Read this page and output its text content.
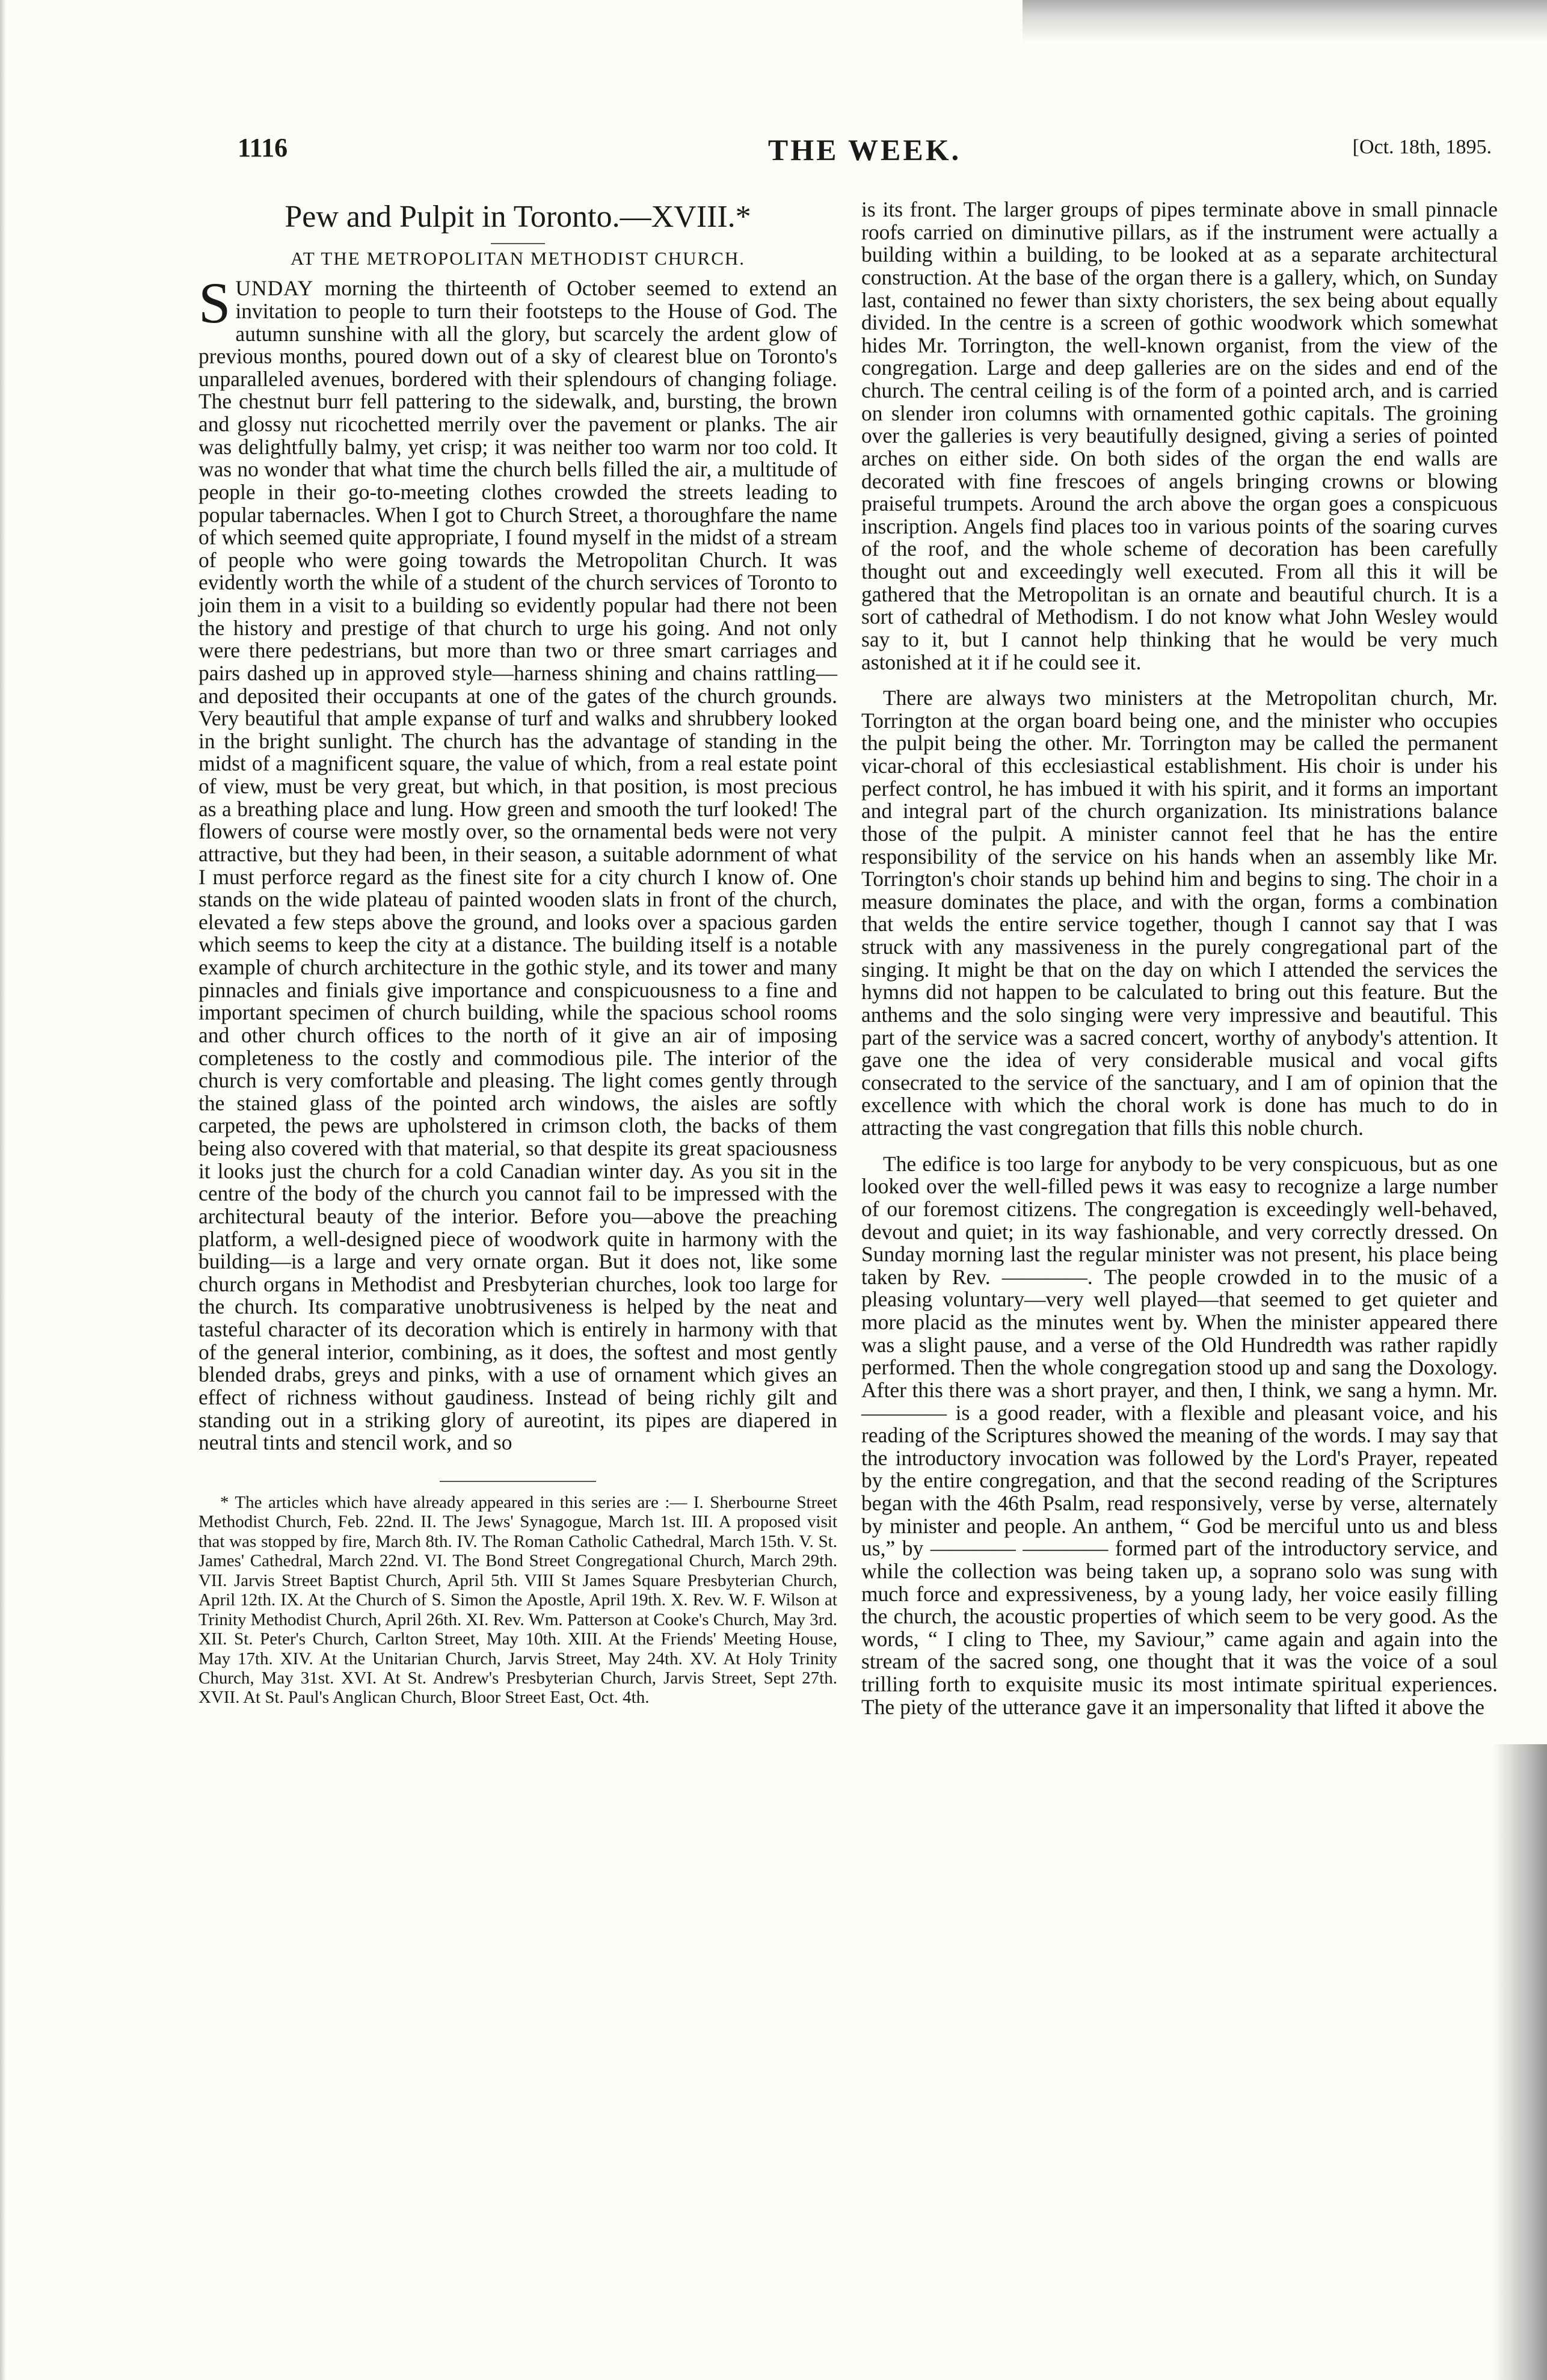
1116	THE WEEK.	[Oct. 18th, 1895.
Pew and Pulpit in Toronto.—XVIII.*
AT THE METROPOLITAN METHODIST CHURCH.

SUNDAY morning the thirteenth of October seemed to extend an invitation to people to turn their footsteps to the House of God. The autumn sunshine with all the glory, but scarcely the ardent glow of previous months, poured down out of a sky of clearest blue on Toronto's unparalleled avenues, bordered with their splendours of changing foliage. The chestnut burr fell pattering to the sidewalk, and, bursting, the brown and glossy nut ricochetted merrily over the pavement or planks. The air was delightfully balmy, yet crisp; it was neither too warm nor too cold. It was no wonder that what time the church bells filled the air, a multitude of people in their go-to-meeting clothes crowded the streets leading to popular tabernacles. When I got to Church Street, a thoroughfare the name of which seemed quite appropriate, I found myself in the midst of a stream of people who were going towards the Metropolitan Church. It was evidently worth the while of a student of the church services of Toronto to join them in a visit to a building so evidently popular had there not been the history and prestige of that church to urge his going. And not only were there pedestrians, but more than two or three smart carriages and pairs dashed up in approved style—harness shining and chains rattling—and deposited their occupants at one of the gates of the church grounds. Very beautiful that ample expanse of turf and walks and shrubbery looked in the bright sunlight. The church has the advantage of standing in the midst of a magnificent square, the value of which, from a real estate point of view, must be very great, but which, in that position, is most precious as a breathing place and lung. How green and smooth the turf looked! The flowers of course were mostly over, so the ornamental beds were not very attractive, but they had been, in their season, a suitable adornment of what I must perforce regard as the finest site for a city church I know of. One stands on the wide plateau of painted wooden slats in front of the church, elevated a few steps above the ground, and looks over a spacious garden which seems to keep the city at a distance. The building itself is a notable example of church architecture in the gothic style, and its tower and many pinnacles and finials give importance and conspicuousness to a fine and important specimen of church building, while the spacious school rooms and other church offices to the north of it give an air of imposing completeness to the costly and commodious pile. The interior of the church is very comfortable and pleasing. The light comes gently through the stained glass of the pointed arch windows, the aisles are softly carpeted, the pews are upholstered in crimson cloth, the backs of them being also covered with that material, so that despite its great spaciousness it looks just the church for a cold Canadian winter day. As you sit in the centre of the body of the church you cannot fail to be impressed with the architectural beauty of the interior. Before you—above the preaching platform, a well-designed piece of woodwork quite in harmony with the building—is a large and very ornate organ. But it does not, like some church organs in Methodist and Presbyterian churches, look too large for the church. Its comparative unobtrusiveness is helped by the neat and tasteful character of its decoration which is entirely in harmony with that of the general interior, combining, as it does, the softest and most gently blended drabs, greys and pinks, with a use of ornament which gives an effect of richness without gaudiness. Instead of being richly gilt and standing out in a striking glory of aureotint, its pipes are diapered in neutral tints and stencil work, and so

* The articles which have already appeared in this series are :— I. Sherbourne Street Methodist Church, Feb. 22nd. II. The Jews' Synagogue, March 1st. III. A proposed visit that was stopped by fire, March 8th. IV. The Roman Catholic Cathedral, March 15th. V. St. James' Cathedral, March 22nd. VI. The Bond Street Congregational Church, March 29th. VII. Jarvis Street Baptist Church, April 5th. VIII St James Square Presbyterian Church, April 12th. IX. At the Church of S. Simon the Apostle, April 19th. X. Rev. W. F. Wilson at Trinity Methodist Church, April 26th. XI. Rev. Wm. Patterson at Cooke's Church, May 3rd. XII. St. Peter's Church, Carlton Street, May 10th. XIII. At the Friends' Meeting House, May 17th. XIV. At the Unitarian Church, Jarvis Street, May 24th. XV. At Holy Trinity Church, May 31st. XVI. At St. Andrew's Presbyterian Church, Jarvis Street, Sept 27th. XVII. At St. Paul's Anglican Church, Bloor Street East, Oct. 4th.

is its front. The larger groups of pipes terminate above in small pinnacle roofs carried on diminutive pillars, as if the instrument were actually a building within a building, to be looked at as a separate architectural construction. At the base of the organ there is a gallery, which, on Sunday last, contained no fewer than sixty choristers, the sex being about equally divided. In the centre is a screen of gothic woodwork which somewhat hides Mr. Torrington, the well-known organist, from the view of the congregation. Large and deep galleries are on the sides and end of the church. The central ceiling is of the form of a pointed arch, and is carried on slender iron columns with ornamented gothic capitals. The groining over the galleries is very beautifully designed, giving a series of pointed arches on either side. On both sides of the organ the end walls are decorated with fine frescoes of angels bringing crowns or blowing praiseful trumpets. Around the arch above the organ goes a conspicuous inscription. Angels find places too in various points of the soaring curves of the roof, and the whole scheme of decoration has been carefully thought out and exceedingly well executed. From all this it will be gathered that the Metropolitan is an ornate and beautiful church. It is a sort of cathedral of Methodism. I do not know what John Wesley would say to it, but I cannot help thinking that he would be very much astonished at it if he could see it.

There are always two ministers at the Metropolitan church, Mr. Torrington at the organ board being one, and the minister who occupies the pulpit being the other. Mr. Torrington may be called the permanent vicar-choral of this ecclesiastical establishment. His choir is under his perfect control, he has imbued it with his spirit, and it forms an important and integral part of the church organization. Its ministrations balance those of the pulpit. A minister cannot feel that he has the entire responsibility of the service on his hands when an assembly like Mr. Torrington's choir stands up behind him and begins to sing. The choir in a measure dominates the place, and with the organ, forms a combination that welds the entire service together, though I cannot say that I was struck with any massiveness in the purely congregational part of the singing. It might be that on the day on which I attended the services the hymns did not happen to be calculated to bring out this feature. But the anthems and the solo singing were very impressive and beautiful. This part of the service was a sacred concert, worthy of anybody's attention. It gave one the idea of very considerable musical and vocal gifts consecrated to the service of the sanctuary, and I am of opinion that the excellence with which the choral work is done has much to do in attracting the vast congregation that fills this noble church.

The edifice is too large for anybody to be very conspicuous, but as one looked over the well-filled pews it was easy to recognize a large number of our foremost citizens. The congregation is exceedingly well-behaved, devout and quiet; in its way fashionable, and very correctly dressed. On Sunday morning last the regular minister was not present, his place being taken by Rev. ————. The people crowded in to the music of a pleasing voluntary—very well played—that seemed to get quieter and more placid as the minutes went by. When the minister appeared there was a slight pause, and a verse of the Old Hundredth was rather rapidly performed. Then the whole congregation stood up and sang the Doxology. After this there was a short prayer, and then, I think, we sang a hymn. Mr. ———— is a good reader, with a flexible and pleasant voice, and his reading of the Scriptures showed the meaning of the words. I may say that the introductory invocation was followed by the Lord's Prayer, repeated by the entire congregation, and that the second reading of the Scriptures began with the 46th Psalm, read responsively, verse by verse, alternately by minister and people. An anthem, “ God be merciful unto us and bless us,” by ———— ———— formed part of the introductory service, and while the collection was being taken up, a soprano solo was sung with much force and expressiveness, by a young lady, her voice easily filling the church, the acoustic properties of which seem to be very good. As the words, “ I cling to Thee, my Saviour,” came again and again into the stream of the sacred song, one thought that it was the voice of a soul trilling forth to exquisite music its most intimate spiritual experiences. The piety of the utterance gave it an impersonality that lifted it above the
